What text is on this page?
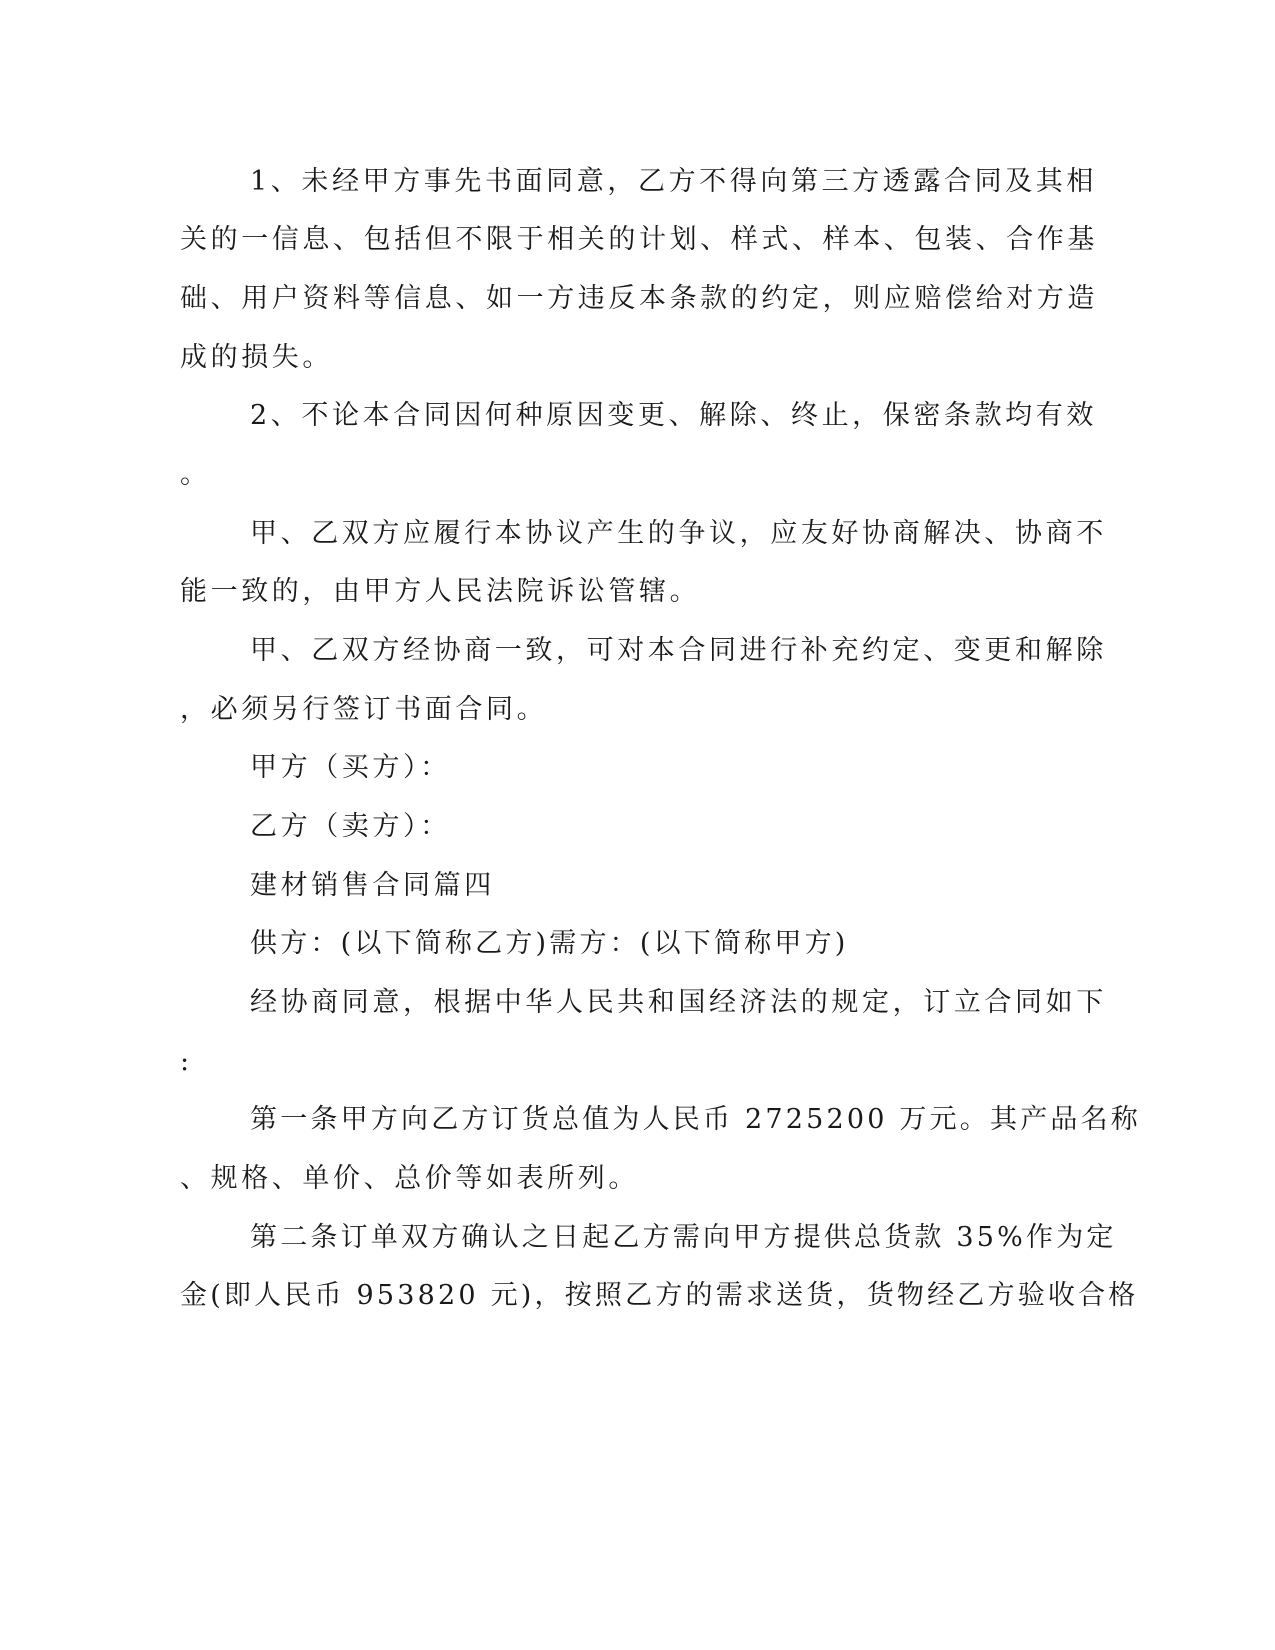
1、未经甲方事先书面同意，乙方不得向第三方透露合同及其相
关的一信息、包括但不限于相关的计划、样式、样本、包装、合作基
础、用户资料等信息、如一方违反本条款的约定，则应赔偿给对方造
成的损失。
2、不论本合同因何种原因变更、解除、终止，保密条款均有效
。
甲、乙双方应履行本协议产生的争议，应友好协商解决、协商不
能一致的，由甲方人民法院诉讼管辖。
甲、乙双方经协商一致，可对本合同进行补充约定、变更和解除
，必须另行签订书面合同。
甲方（买方）：
乙方（卖方）：
建材销售合同篇四
供方：(以下简称乙方)需方：(以下简称甲方)
经协商同意，根据中华人民共和国经济法的规定，订立合同如下
:
第一条甲方向乙方订货总值为人民币 2725200 万元。其产品名称
、规格、单价、总价等如表所列。
第二条订单双方确认之日起乙方需向甲方提供总货款 35%作为定
金(即人民币 953820 元)，按照乙方的需求送货，货物经乙方验收合格
